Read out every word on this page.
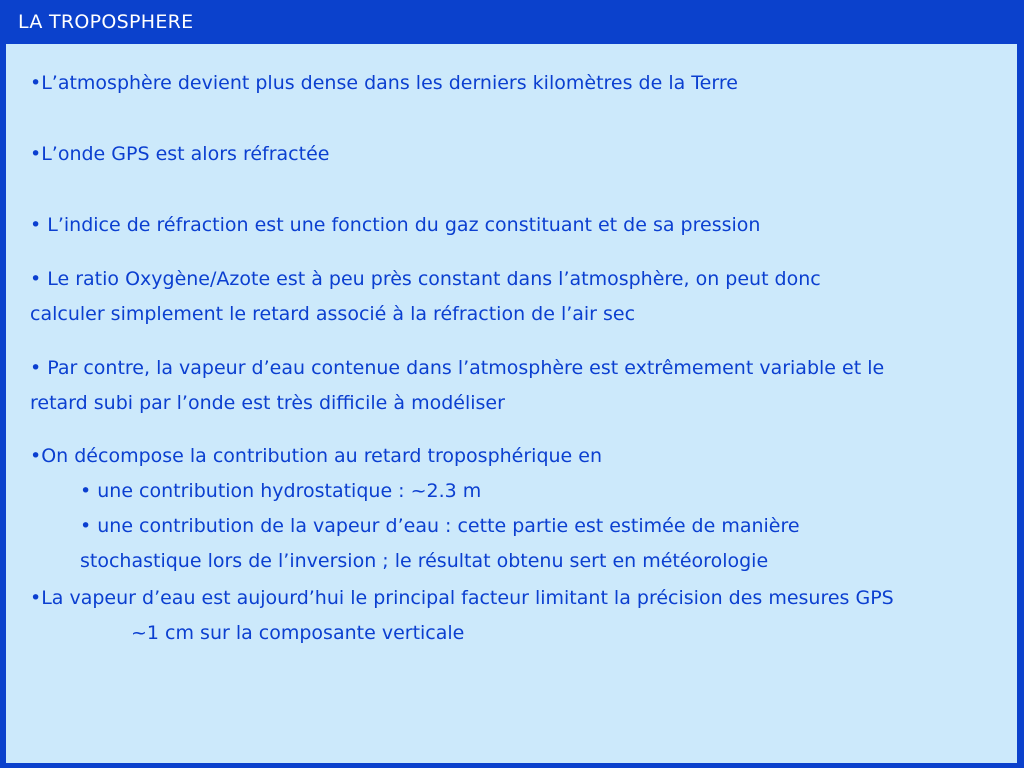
LA TROPOSPHERE
•L’atmosphère devient plus dense dans les derniers kilomètres de la Terre
•L’onde GPS est alors réfractée
• L’indice de réfraction est une fonction du gaz constituant et de sa pression
• Le ratio Oxygène/Azote est à peu près constant dans l’atmosphère, on peut donc
calculer simplement le retard associé à la réfraction de l’air sec
• Par contre, la vapeur d’eau contenue dans l’atmosphère est extrêmement variable et le
retard subi par l’onde est très difficile à modéliser
•On décompose la contribution au retard troposphérique en
• une contribution hydrostatique : ~2.3 m
• une contribution de la vapeur d’eau : cette partie est estimée de manière
stochastique lors de l’inversion ; le résultat obtenu sert en météorologie
•La vapeur d’eau est aujourd’hui le principal facteur limitant la précision des mesures GPS
~1 cm sur la composante verticale
